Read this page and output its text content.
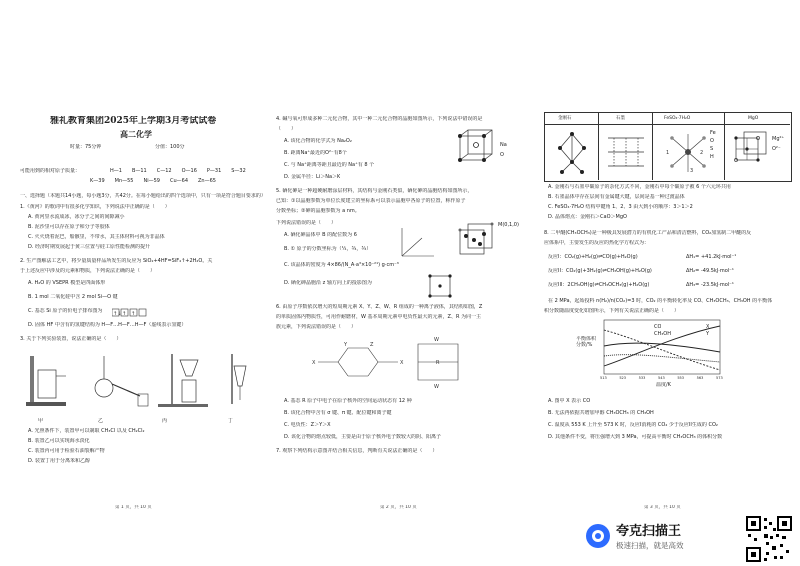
雅礼教育集团2025年上学期3月考试试卷
高二化学
时量：75分钟	分值：100分
可能用到的相对原子质量：	H—1　　B—11　　C—12　　O—16　　P—31　　S—32
K—39　　Mn—55　　Ni—59　　Cu—64　　Zn—65
一、选择题（本题共14小题，每小题3分，共42分。在每小题给出的四个选项中，只有一项是符合题目要求的）
1.《黄河》的歌词中有很多化学知识，下列说法中正确的是（　　）
A. 黄河里水流成冰，冰分子之间的间隙减小
B. 泥沙里可以存在原子和分子等胶体
C. 火火烧着泥巴，船骸里，不带水，其主体材料可视为非晶体
D. 经济时期发展起于黄三位置与硅工原性能检测的提升
2. 生产图解法工艺中，将少量质量样品所发生的反应为 SiO₂+4HF=SiF₄↑+2H₂O。关
于上述反应中涉及的元素和物质，下列说法正确的是（　　）
A. H₂O 的 VSEPR 模型是四面体形
B. 1 mol 二氧化硅中含 2 mol Si—O 键
C. 基态 Si 原子的价电子排布图为 ↑↓ ↑ ↑
D. 固体 HF 中含有的氢键结构为 H—F…H—F…H—F（虚线表示氢键）
3. 关于下列实验装置，说法正确的是（　　）
甲	乙	丙	丁
A. 光照条件下，装置甲可以制取 CH₃Cl 以及 CH₂Cl₂
B. 装置乙可以实现海水淡化
C. 装置丙可用于检验石油裂解产物
D. 装置丁用于分离苯和乙醇
第 1 页，共 10 页
4. 碱与氧可形成多种二元化合物，其中一种二元化合物的晶胞如图所示，下列说法中错误的是
（　　）
A. 该化合物的化学式为 Na₂O₂
B. 距离Na⁺最近的O²⁻有8个
C. 与 Na⁺距离等距且最近的 Na⁺有 8 个
D. 金属半径：Li＞Na＞K
Na
O
5. 硒化砷是一种超硬耐磨涂层材料，其结构与金刚石类似，硒化砷的晶胞结构如图所示，
已知：①以晶胞参数为单位长度建立的坐标系可以表示晶胞中各原子的位置，称作原子
分数坐标；②砷的晶胞参数为 a nm。
下列说法错误的是（　　）
A. 硒化砷晶体中 B 的配位数为 6
B. ① 原子的分数坐标为（¼，¾，¾）
C. 该晶体的密度为 4×86/(N_A·a³×10⁻²¹) g·cm⁻³
D. 硒化砷晶胞沿 z 轴方向上的投影图为
M(0,1,0)
6. 由原子序数依次增大的短周期元素 X、Y、Z、W、R 组成的一种离子液体，其结构如图，Z
的单质固体内物质性，可用作耐磨材，W 基本周期元素中电负性最大的元素，Z、R 为同一主
族元素，下列说法错误的是（　　）
X
Y	Z
X
W
R
W
A. 基态 R 原子中电子在原子核外的空间运动状态有 12 种
B. 该化合物中含有 σ 键、π 键、配位键和离子键
C. 电负性：Z＞Y＞X
D. 该化合物的熔点较低，主要是由于原子核外电子数较大的阴、阳离子
7. 观察下列结构示意图并结合相关信息，判断有关说法正确的是（　　）
第 2 页，共 10 页
金刚石	石墨	FeSO₄·7H₂O	MgO
1	2
3
Fe
O
S
H
Mg²⁺
O²⁻
A. 金刚石与石墨中碳原子的杂化方式不同，金刚石中每个碳原子被 6 个六元环共用
B. 石墨晶体中存在层间有金属键大键，层间是基一种过渡晶体
C. FeSO₄·7H₂O 结构中键角 1、2、3 由大到小的顺序：3＞1＞2
D. 晶体熔点：金刚石＞CaO＞MgO
8. 二甲醚(CH₃OCH₃)是一种极具发展潜力的有机化工产品和清洁燃料，CO₂加氢制二甲醚的反
应体系中，主要发生的反应的热化学方程式为：
反应I：CO₂(g)+H₂(g)⇌CO(g)+H₂O(g)	ΔH₁= +41.2kJ·mol⁻¹
反应II：CO₂(g)+3H₂(g)⇌CH₃OH(g)+H₂O(g)	ΔH₂= -49.5kJ·mol⁻¹
反应III：2CH₃OH(g)⇌CH₃OCH₃(g)+H₂O(g)	ΔH₃= -23.5kJ·mol⁻¹
在 2 MPa，起始投料 n(H₂)/n(CO₂)=3 时，CO₂ 的平衡转化率及 CO、CH₃OCH₃、CH₃OH 的平衡体
积分数随温度变化如图所示，下列有关说法正确的是（　　）
CO
CH₃OH
X
Y
平衡体积分数/%
温度/K
513	523	533	543	553	563	573
A. 图中 X 表示 CO
B. 无法再依据共增加甲醇 CH₃OCH₃ 的 CH₃OH
C. 温度从 553 K 上升至 573 K 时，反应I消耗的 CO₂ 少于反应II生成的 CO₂
D. 其他条件不变，将压强增大到 3 MPa，可提高平衡时 CH₃OCH₃ 的体积分数
第 3 页，共 10 页
夸克扫描王
极速扫描，就是高效
